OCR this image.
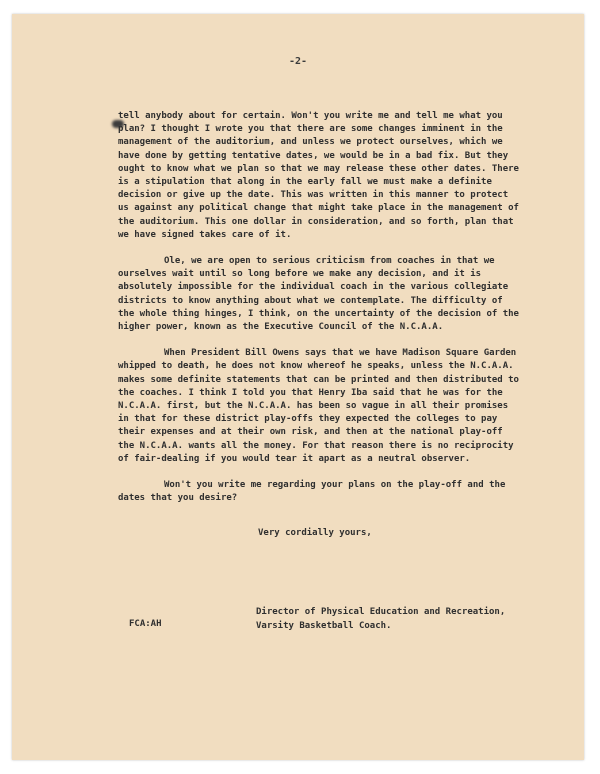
-2-

tell anybody about for certain. Won't you write me and tell me what you plan? I thought I wrote you that there are some changes imminent in the management of the auditorium, and unless we protect ourselves, which we have done by getting tentative dates, we would be in a bad fix. But they ought to know what we plan so that we may release these other dates. There is a stipulation that along in the early fall we must make a definite decision or give up the date. This was written in this manner to protect us against any political change that might take place in the management of the auditorium. This one dollar in consideration, and so forth, plan that we have signed takes care of it.

Ole, we are open to serious criticism from coaches in that we ourselves wait until so long before we make any decision, and it is absolutely impossible for the individual coach in the various collegiate districts to know anything about what we contemplate. The difficulty of the whole thing hinges, I think, on the uncertainty of the decision of the higher power, known as the Executive Council of the N.C.A.A.

When President Bill Owens says that we have Madison Square Garden whipped to death, he does not know whereof he speaks, unless the N.C.A.A. makes some definite statements that can be printed and then distributed to the coaches. I think I told you that Henry Iba said that he was for the N.C.A.A. first, but the N.C.A.A. has been so vague in all their promises in that for these district play-offs they expected the colleges to pay their expenses and at their own risk, and then at the national play-off the N.C.A.A. wants all the money. For that reason there is no reciprocity of fair-dealing if you would tear it apart as a neutral observer.

Won't you write me regarding your plans on the play-off and the dates that you desire?

Very cordially yours,
Director of Physical Education and Recreation,
Varsity Basketball Coach.
FCA:AH
